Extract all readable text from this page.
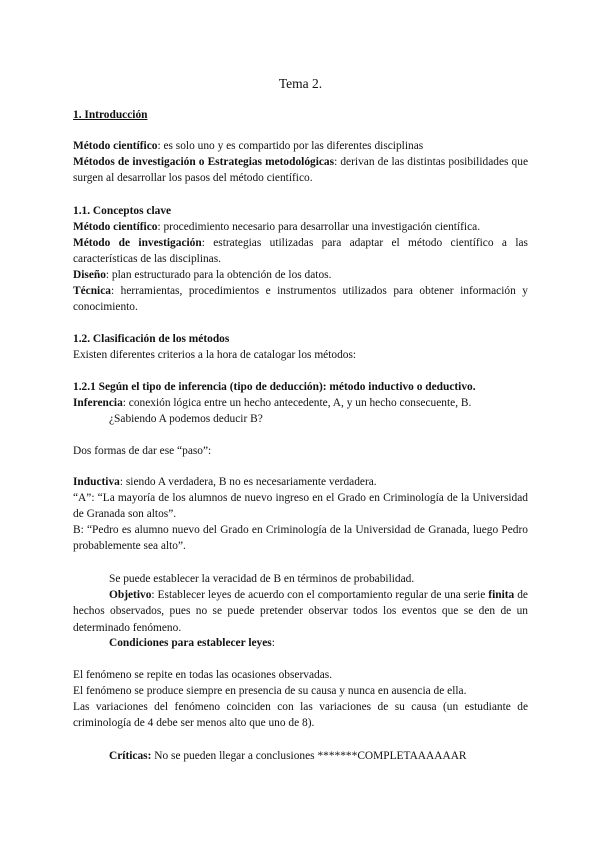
Tema 2.
1. Introducción
Método científico: es solo uno y es compartido por las diferentes disciplinas
Métodos de investigación o Estrategias metodológicas: derivan de las distintas posibilidades que surgen al desarrollar los pasos del método científico.
1.1. Conceptos clave
Método científico: procedimiento necesario para desarrollar una investigación científica.
Método de investigación: estrategias utilizadas para adaptar el método científico a las características de las disciplinas.
Diseño: plan estructurado para la obtención de los datos.
Técnica: herramientas, procedimientos e instrumentos utilizados para obtener información y conocimiento.
1.2. Clasificación de los métodos
Existen diferentes criterios a la hora de catalogar los métodos:
1.2.1 Según el tipo de inferencia (tipo de deducción): método inductivo o deductivo.
Inferencia: conexión lógica entre un hecho antecedente, A, y un hecho consecuente, B.
¿Sabiendo A podemos deducir B?
Dos formas de dar ese “paso”:
Inductiva: siendo A verdadera, B no es necesariamente verdadera.
“A”: “La mayoría de los alumnos de nuevo ingreso en el Grado en Criminología de la Universidad de Granada son altos”.
B: “Pedro es alumno nuevo del Grado en Criminología de la Universidad de Granada, luego Pedro probablemente sea alto”.
Se puede establecer la veracidad de B en términos de probabilidad.
Objetivo: Establecer leyes de acuerdo con el comportamiento regular de una serie finita de hechos observados, pues no se puede pretender observar todos los eventos que se den de un determinado fenómeno.
Condiciones para establecer leyes:
El fenómeno se repite en todas las ocasiones observadas.
El fenómeno se produce siempre en presencia de su causa y nunca en ausencia de ella.
Las variaciones del fenómeno coinciden con las variaciones de su causa (un estudiante de criminología de 4 debe ser menos alto que uno de 8).
Críticas: No se pueden llegar a conclusiones *******COMPLETAAAAAAR
